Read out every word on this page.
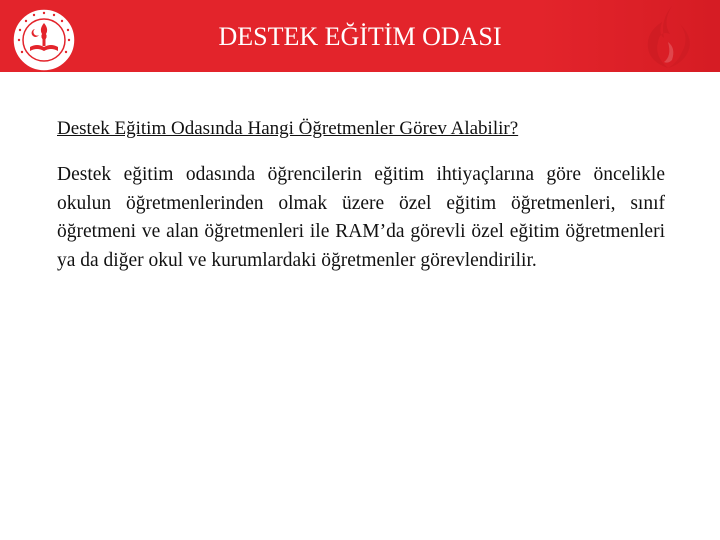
DESTEK EĞİTİM ODASI
Destek Eğitim Odasında Hangi Öğretmenler Görev Alabilir?
Destek eğitim odasında öğrencilerin eğitim ihtiyaçlarına göre öncelikle okulun öğretmenlerinden olmak üzere özel eğitim öğretmenleri, sınıf öğretmeni ve alan öğretmenleri ile RAM’da görevli özel eğitim öğretmenleri ya da diğer okul ve kurumlardaki öğretmenler görevlendirilir.
